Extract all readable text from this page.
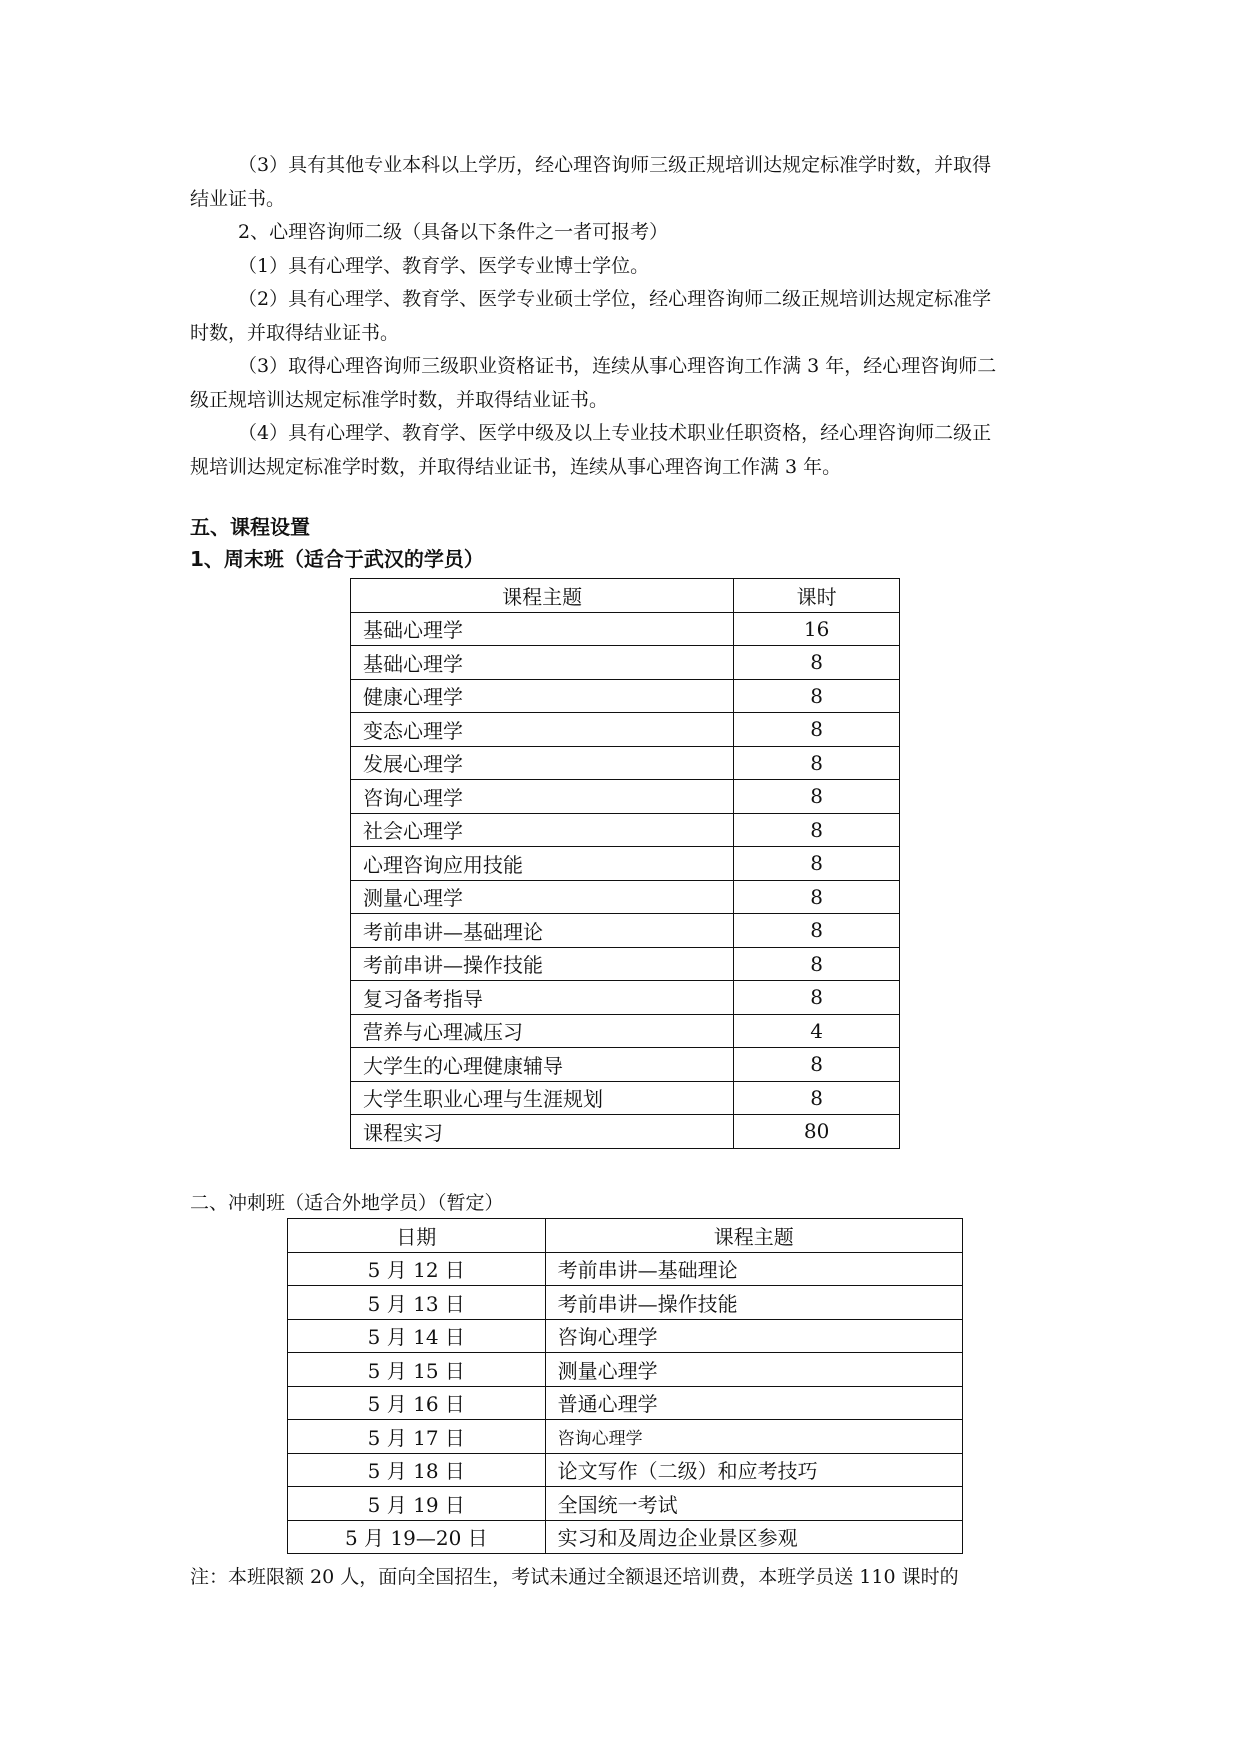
（3）具有其他专业本科以上学历，经心理咨询师三级正规培训达规定标准学时数，并取得
结业证书。

2、心理咨询师二级（具备以下条件之一者可报考）

（1）具有心理学、教育学、医学专业博士学位。

（2）具有心理学、教育学、医学专业硕士学位，经心理咨询师二级正规培训达规定标准学
时数，并取得结业证书。

（3）取得心理咨询师三级职业资格证书，连续从事心理咨询工作满 3 年，经心理咨询师二
级正规培训达规定标准学时数，并取得结业证书。

（4）具有心理学、教育学、医学中级及以上专业技术职业任职资格，经心理咨询师二级正
规培训达规定标准学时数，并取得结业证书，连续从事心理咨询工作满 3 年。

五、课程设置

1、周末班（适合于武汉的学员）

课程主题	课时
基础心理学	16
基础心理学	8
健康心理学	8
变态心理学	8
发展心理学	8
咨询心理学	8
社会心理学	8
心理咨询应用技能	8
测量心理学	8
考前串讲—基础理论	8
考前串讲—操作技能	8
复习备考指导	8
营养与心理减压习	4
大学生的心理健康辅导	8
大学生职业心理与生涯规划	8
课程实习	80

二、冲刺班（适合外地学员）（暂定）

日期	课程主题
5 月 12 日	考前串讲—基础理论
5 月 13 日	考前串讲—操作技能
5 月 14 日	咨询心理学
5 月 15 日	测量心理学
5 月 16 日	普通心理学
5 月 17 日	咨询心理学
5 月 18 日	论文写作（二级）和应考技巧
5 月 19 日	全国统一考试
5 月 19—20 日	实习和及周边企业景区参观

注：本班限额 20 人，面向全国招生，考试未通过全额退还培训费，本班学员送 110 课时的
